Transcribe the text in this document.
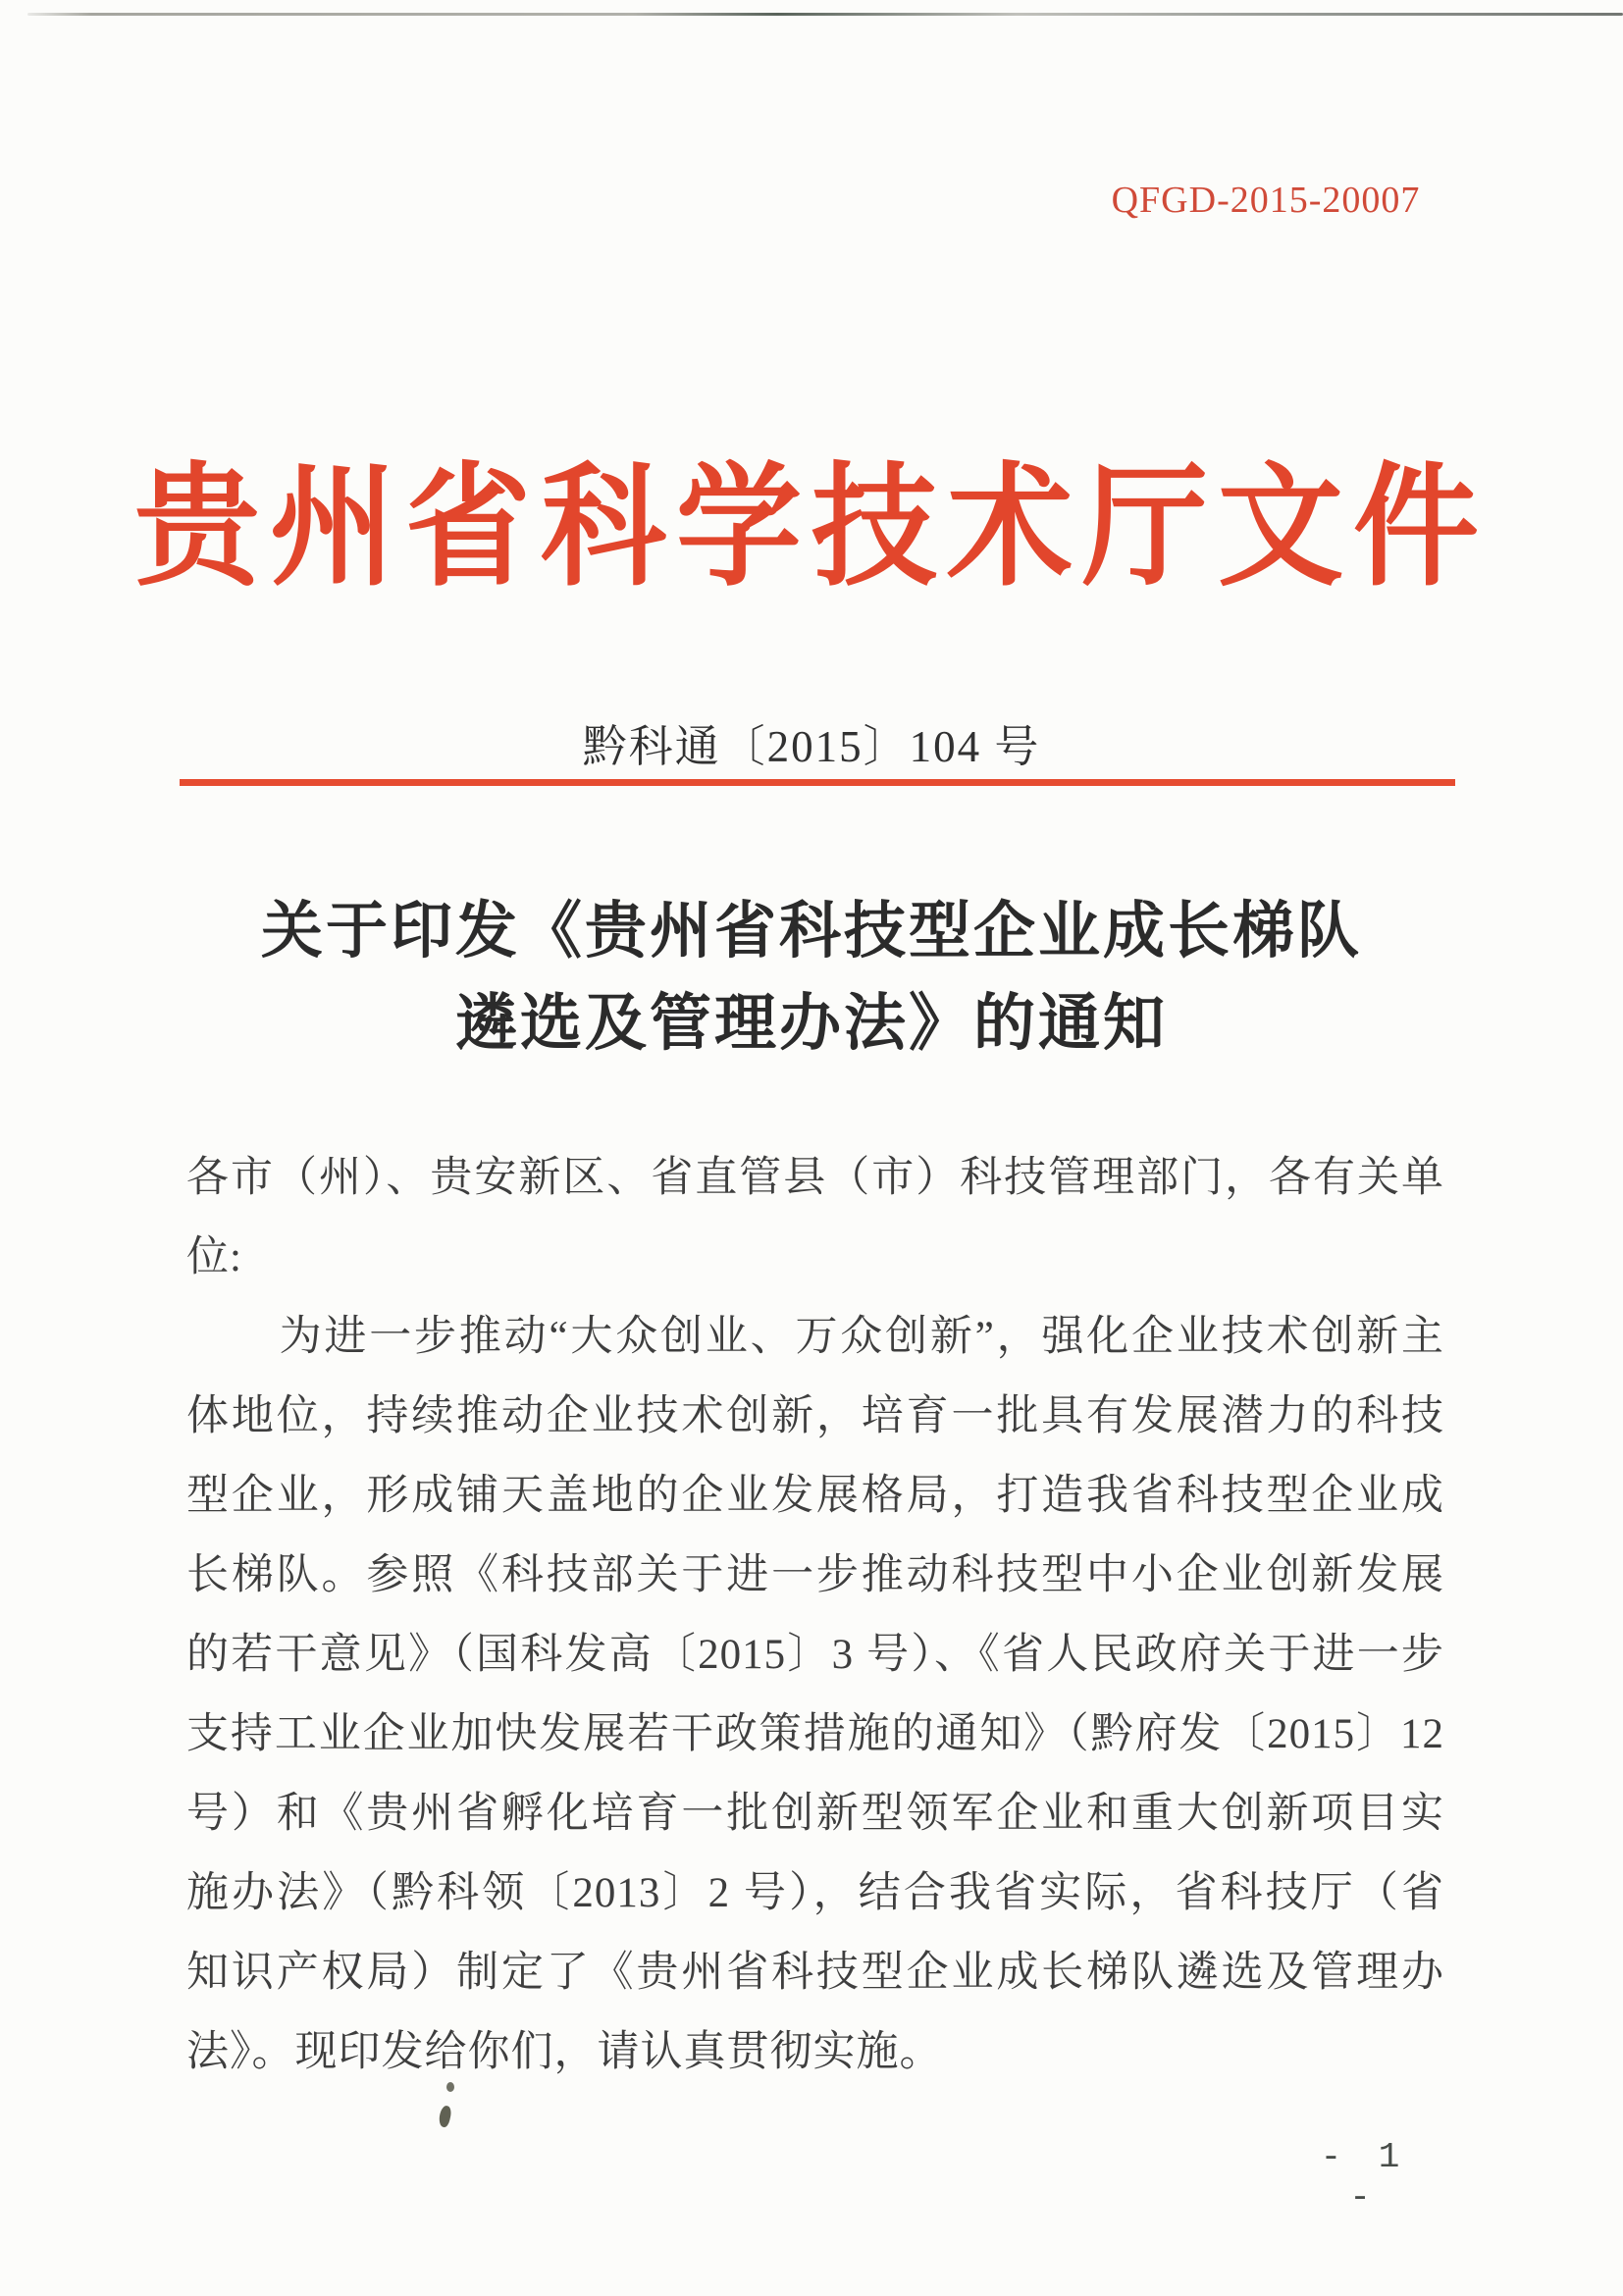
QFGD-2015-20007
贵州省科学技术厅文件
黔科通〔2015〕104 号
关于印发《贵州省科技型企业成长梯队
遴选及管理办法》的通知
各市（州）、贵安新区、省直管县（市）科技管理部门，各有关单
位:
为进一步推动“大众创业、万众创新”，强化企业技术创新主
体地位，持续推动企业技术创新，培育一批具有发展潜力的科技
型企业，形成铺天盖地的企业发展格局，打造我省科技型企业成
长梯队。参照《科技部关于进一步推动科技型中小企业创新发展
的若干意见》（国科发高〔2015〕3 号）、《省人民政府关于进一步
支持工业企业加快发展若干政策措施的通知》（黔府发〔2015〕12
号）和《贵州省孵化培育一批创新型领军企业和重大创新项目实
施办法》（黔科领〔2013〕2 号），结合我省实际，省科技厅（省
知识产权局）制定了《贵州省科技型企业成长梯队遴选及管理办
法》。现印发给你们，请认真贯彻实施。
- 1 -
